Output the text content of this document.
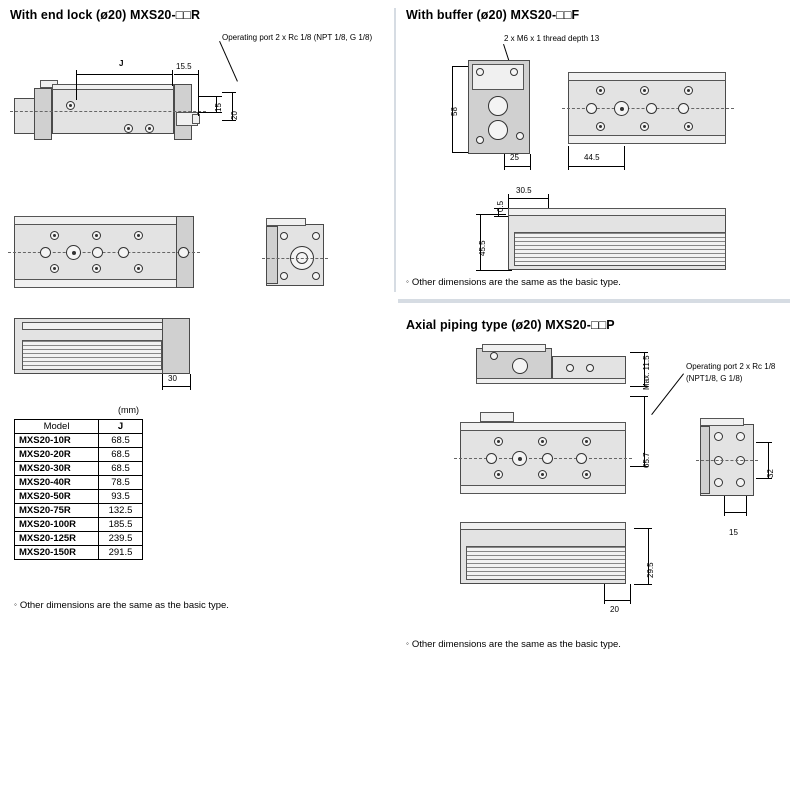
With end lock (ø20) MXS20-□□R
Operating port 2 x Rc 1/8 (NPT 1/8, G 1/8)
J	15.5
15
20
30
(mm)
Model	J
MXS20-10R	68.5
MXS20-20R	68.5
MXS20-30R	68.5
MXS20-40R	78.5
MXS20-50R	93.5
MXS20-75R	132.5
MXS20-100R	185.5
MXS20-125R	239.5
MXS20-150R	291.5
◦ Other dimensions are the same as the basic type.
With buffer (ø20) MXS20-□□F
2 x M6 x 1 thread depth 13
58
25	44.5
0.5
45.5
30.5
◦ Other dimensions are the same as the basic type.
Axial piping type (ø20) MXS20-□□P
Operating port 2 x Rc 1/8
(NPT1/8, G 1/8)
Max. 11.5
65.7
32
15
29.5
20
◦ Other dimensions are the same as the basic type.
